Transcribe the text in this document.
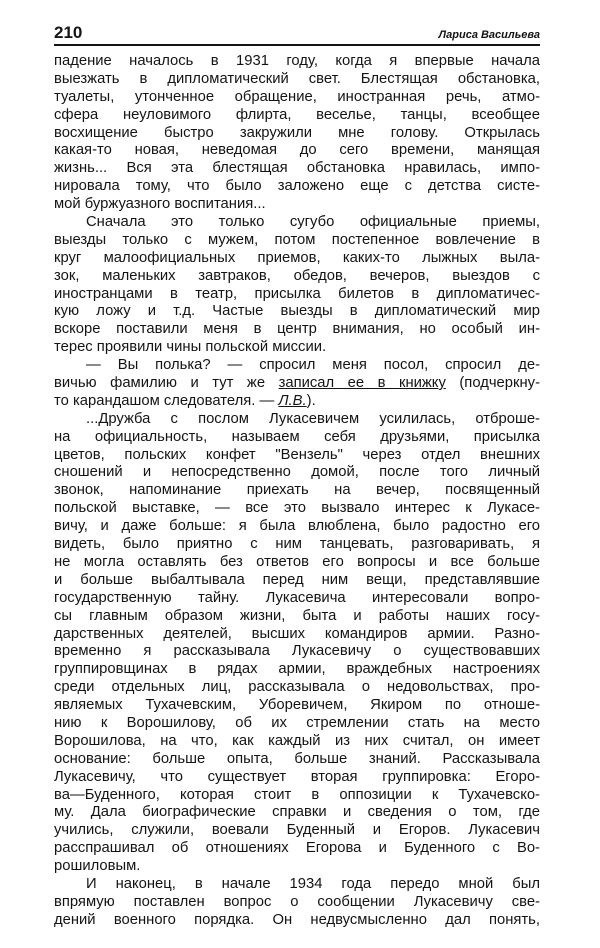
210	Лариса Васильева
падение началось в 1931 году, когда я впервые начала
выезжать в дипломатический свет. Блестящая обстановка,
туалеты, утонченное обращение, иностранная речь, атмо-
сфера неуловимого флирта, веселье, танцы, всеобщее
восхищение быстро закружили мне голову. Открылась
какая-то новая, неведомая до сего времени, манящая
жизнь... Вся эта блестящая обстановка нравилась, импо-
нировала тому, что было заложено еще с детства систе-
мой буржуазного воспитания...
Сначала это только сугубо официальные приемы,
выезды только с мужем, потом постепенное вовлечение в
круг малоофициальных приемов, каких-то лыжных выла-
зок, маленьких завтраков, обедов, вечеров, выездов с
иностранцами в театр, присылка билетов в дипломатичес-
кую ложу и т.д. Частые выезды в дипломатический мир
вскоре поставили меня в центр внимания, но особый ин-
терес проявили чины польской миссии.
— Вы полька? — спросил меня посол, спросил де-
вичью фамилию и тут же записал ее в книжку (подчеркну-
то карандашом следователя. — Л.В.).
...Дружба с послом Лукасевичем усилилась, отброше-
на официальность, называем себя друзьями, присылка
цветов, польских конфет "Вензель" через отдел внешних
сношений и непосредственно домой, после того личный
звонок, напоминание приехать на вечер, посвященный
польской выставке, — все это вызвало интерес к Лукасе-
вичу, и даже больше: я была влюблена, было радостно его
видеть, было приятно с ним танцевать, разговаривать, я
не могла оставлять без ответов его вопросы и все больше
и больше выбалтывала перед ним вещи, представлявшие
государственную тайну. Лукасевича интересовали вопро-
сы главным образом жизни, быта и работы наших госу-
дарственных деятелей, высших командиров армии. Разно-
временно я рассказывала Лукасевичу о существовавших
группировщинах в рядах армии, враждебных настроениях
среди отдельных лиц, рассказывала о недовольствах, про-
являемых Тухачевским, Уборевичем, Якиром по отноше-
нию к Ворошилову, об их стремлении стать на место
Ворошилова, на что, как каждый из них считал, он имеет
основание: больше опыта, больше знаний. Рассказывала
Лукасевичу, что существует вторая группировка: Егоро-
ва—Буденного, которая стоит в оппозиции к Тухачевско-
му. Дала биографические справки и сведения о том, где
учились, служили, воевали Буденный и Егоров. Лукасевич
расспрашивал об отношениях Егорова и Буденного с Во-
рошиловым.
И наконец, в начале 1934 года передо мной был
впрямую поставлен вопрос о сообщении Лукасевичу све-
дений военного порядка. Он недвусмысленно дал понять,
